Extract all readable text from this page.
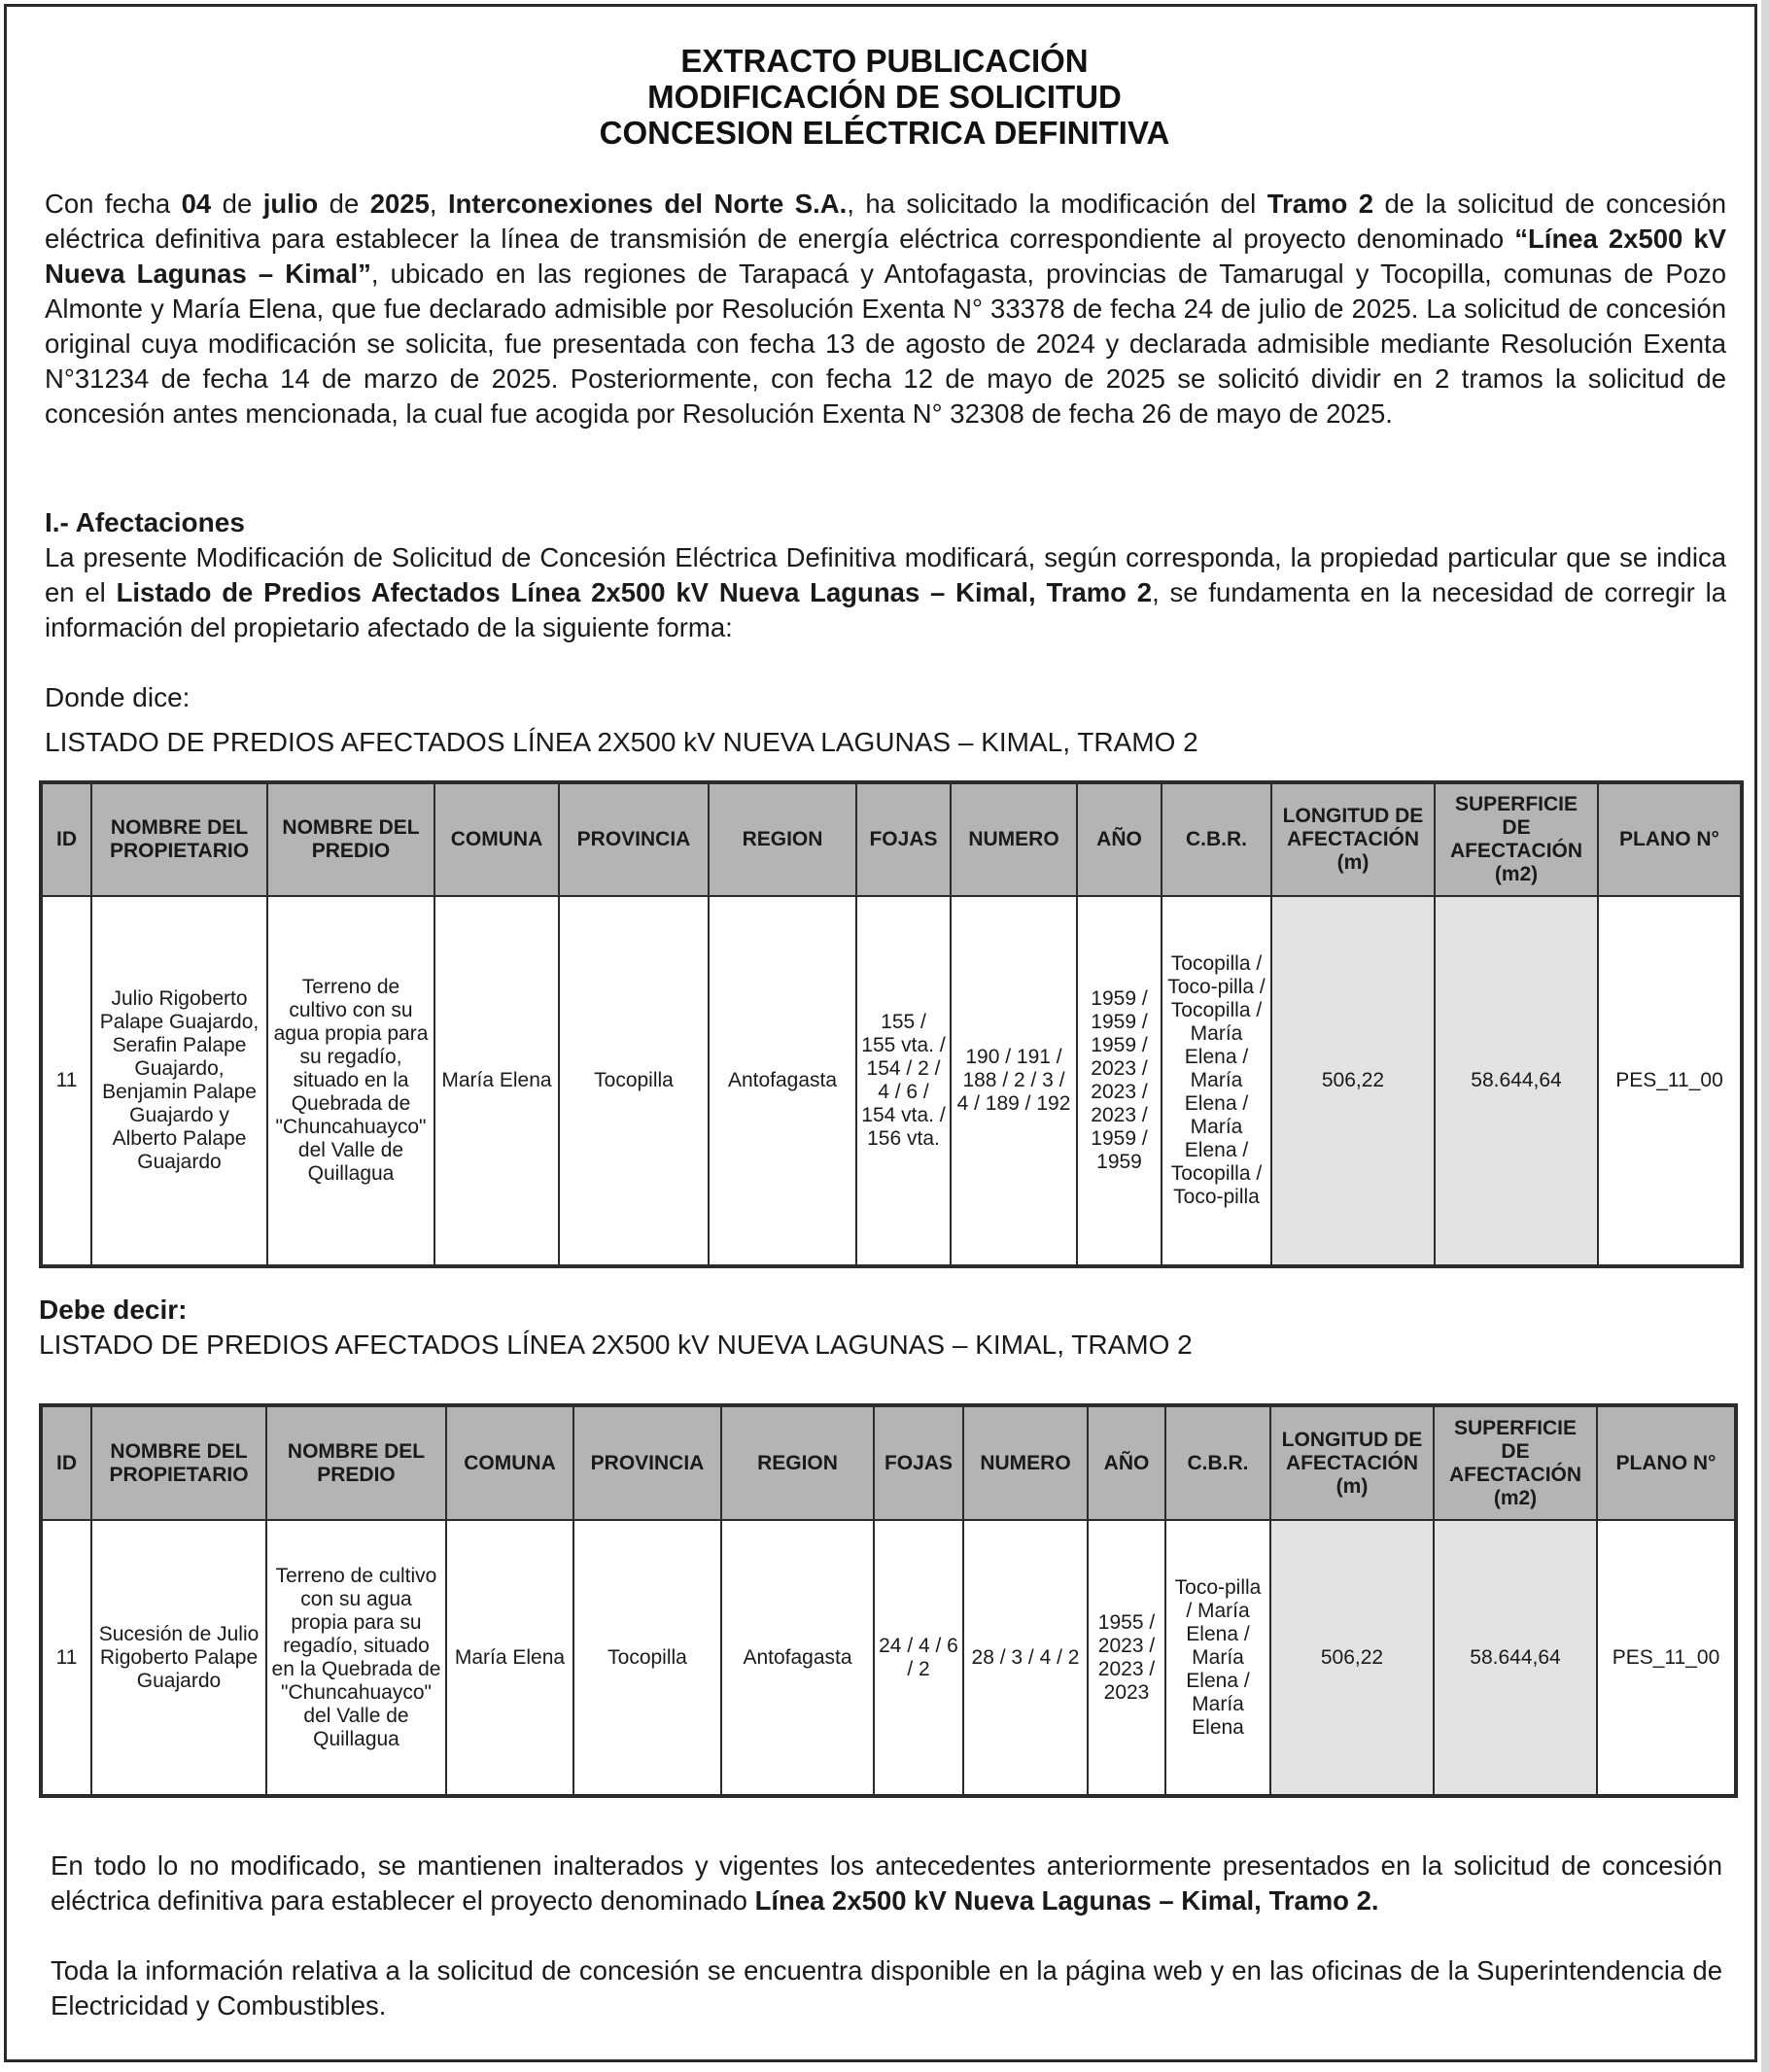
EXTRACTO PUBLICACIÓN
MODIFICACIÓN DE SOLICITUD
CONCESION ELÉCTRICA DEFINITIVA
Con fecha 04 de julio de 2025, Interconexiones del Norte S.A., ha solicitado la modificación del Tramo 2 de la solicitud de concesión eléctrica definitiva para establecer la línea de transmisión de energía eléctrica correspondiente al proyecto denominado “Línea 2x500 kV Nueva Lagunas – Kimal”, ubicado en las regiones de Tarapacá y Antofagasta, provincias de Tamarugal y Tocopilla, comunas de Pozo Almonte y María Elena, que fue declarado admisible por Resolución Exenta N° 33378 de fecha 24 de julio de 2025. La solicitud de concesión original cuya modificación se solicita, fue presentada con fecha 13 de agosto de 2024 y declarada admisible mediante Resolución Exenta N°31234 de fecha 14 de marzo de 2025. Posteriormente, con fecha 12 de mayo de 2025 se solicitó dividir en 2 tramos la solicitud de concesión antes mencionada, la cual fue acogida por Resolución Exenta N° 32308 de fecha 26 de mayo de 2025.
I.- Afectaciones
La presente Modificación de Solicitud de Concesión Eléctrica Definitiva modificará, según corresponda, la propiedad particular que se indica en el Listado de Predios Afectados Línea 2x500 kV Nueva Lagunas – Kimal, Tramo 2, se fundamenta en la necesidad de corregir la información del propietario afectado de la siguiente forma:
Donde dice:
LISTADO DE PREDIOS AFECTADOS LÍNEA 2X500 kV NUEVA LAGUNAS – KIMAL, TRAMO 2
ID	NOMBRE DEL PROPIETARIO	NOMBRE DEL PREDIO	COMUNA	PROVINCIA	REGION	FOJAS	NUMERO	AÑO	C.B.R.	LONGITUD DE AFECTACIÓN (m)	SUPERFICIE DE AFECTACIÓN (m2)	PLANO N°
11	Julio Rigoberto Palape Guajardo, Serafin Palape Guajardo, Benjamin Palape Guajardo y Alberto Palape Guajardo	Terreno de cultivo con su agua propia para su regadío, situado en la Quebrada de "Chuncahuayco" del Valle de Quillagua	María Elena	Tocopilla	Antofagasta	155 / 155 vta. / 154 / 2 / 4 / 6 / 154 vta. / 156 vta.	190 / 191 / 188 / 2 / 3 / 4 / 189 / 192	1959 / 1959 / 1959 / 2023 / 2023 / 2023 / 1959 / 1959	Tocopilla / Toco-pilla / Tocopilla / María Elena / María Elena / María Elena / Tocopilla / Toco-pilla	506,22	58.644,64	PES_11_00
Debe decir:
LISTADO DE PREDIOS AFECTADOS LÍNEA 2X500 kV NUEVA LAGUNAS – KIMAL, TRAMO 2
ID	NOMBRE DEL PROPIETARIO	NOMBRE DEL PREDIO	COMUNA	PROVINCIA	REGION	FOJAS	NUMERO	AÑO	C.B.R.	LONGITUD DE AFECTACIÓN (m)	SUPERFICIE DE AFECTACIÓN (m2)	PLANO N°
11	Sucesión de Julio Rigoberto Palape Guajardo	Terreno de cultivo con su agua propia para su regadío, situado en la Quebrada de "Chuncahuayco" del Valle de Quillagua	María Elena	Tocopilla	Antofagasta	24 / 4 / 6 / 2	28 / 3 / 4 / 2	1955 / 2023 / 2023 / 2023	Toco-pilla / María Elena / María Elena / María Elena	506,22	58.644,64	PES_11_00
En todo lo no modificado, se mantienen inalterados y vigentes los antecedentes anteriormente presentados en la solicitud de concesión eléctrica definitiva para establecer el proyecto denominado Línea 2x500 kV Nueva Lagunas – Kimal, Tramo 2.
Toda la información relativa a la solicitud de concesión se encuentra disponible en la página web y en las oficinas de la Superintendencia de Electricidad y Combustibles.
